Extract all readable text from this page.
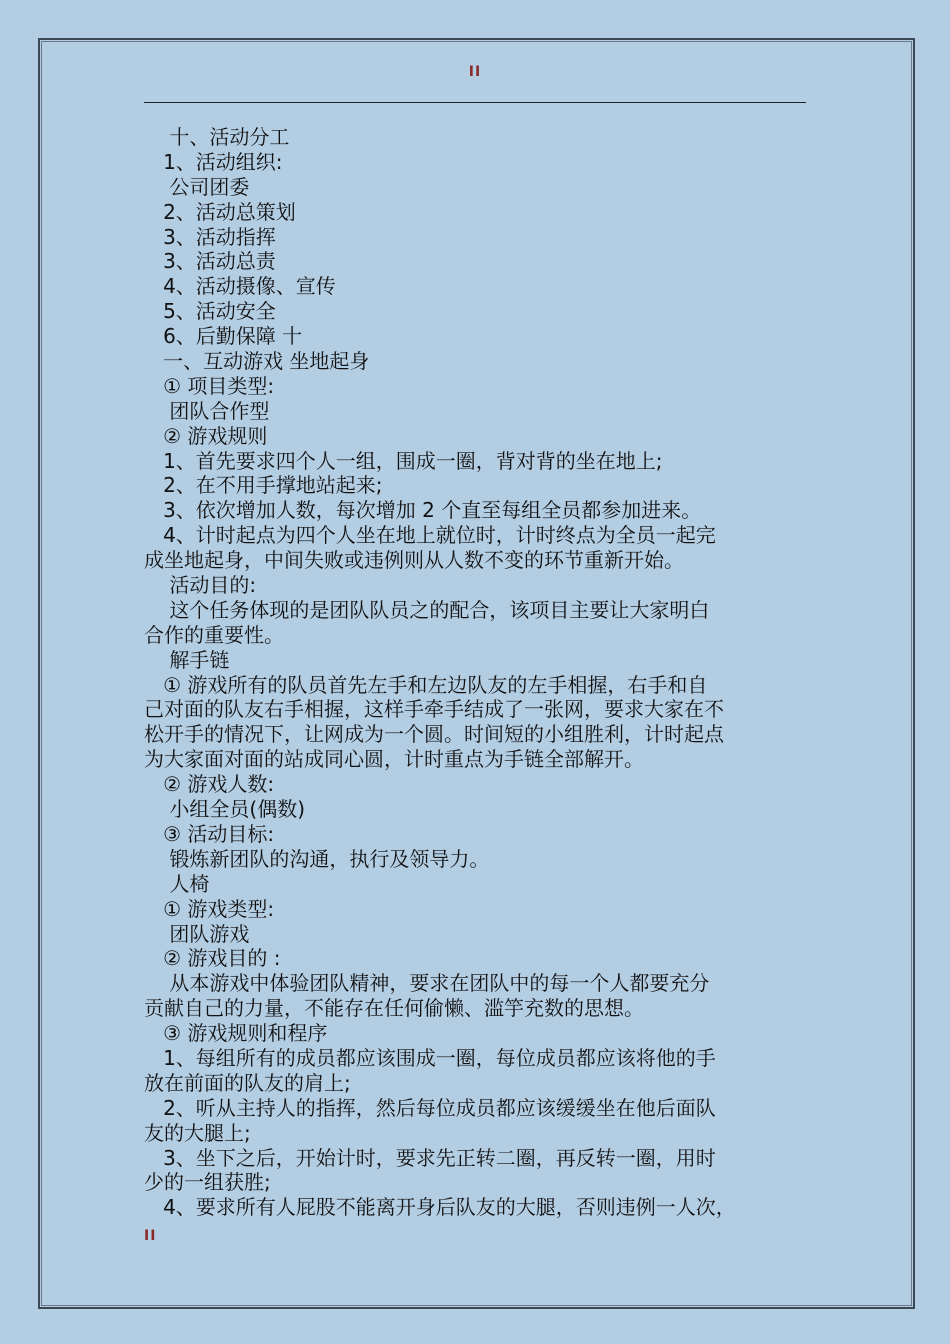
II
十、活动分工
1、活动组织:
公司团委
2、活动总策划
3、活动指挥
3、活动总责
4、活动摄像、宣传
5、活动安全
6、后勤保障 十
一、互动游戏 坐地起身
① 项目类型:
团队合作型
② 游戏规则
1、首先要求四个人一组，围成一圈，背对背的坐在地上;
2、在不用手撑地站起来;
3、依次增加人数，每次增加 2 个直至每组全员都参加进来。
4、计时起点为四个人坐在地上就位时，计时终点为全员一起完
成坐地起身，中间失败或违例则从人数不变的环节重新开始。
活动目的:
这个任务体现的是团队队员之的配合，该项目主要让大家明白
合作的重要性。
解手链
① 游戏所有的队员首先左手和左边队友的左手相握，右手和自
己对面的队友右手相握，这样手牵手结成了一张网，要求大家在不
松开手的情况下，让网成为一个圆。时间短的小组胜利，计时起点
为大家面对面的站成同心圆，计时重点为手链全部解开。
② 游戏人数:
小组全员(偶数)
③ 活动目标:
锻炼新团队的沟通，执行及领导力。
人椅
① 游戏类型:
团队游戏
② 游戏目的 :
从本游戏中体验团队精神，要求在团队中的每一个人都要充分
贡献自己的力量，不能存在任何偷懒、滥竽充数的思想。
③ 游戏规则和程序
1、每组所有的成员都应该围成一圈，每位成员都应该将他的手
放在前面的队友的肩上;
2、听从主持人的指挥，然后每位成员都应该缓缓坐在他后面队
友的大腿上;
3、坐下之后，开始计时，要求先正转二圈，再反转一圈，用时
少的一组获胜;
4、要求所有人屁股不能离开身后队友的大腿，否则违例一人次，
II
